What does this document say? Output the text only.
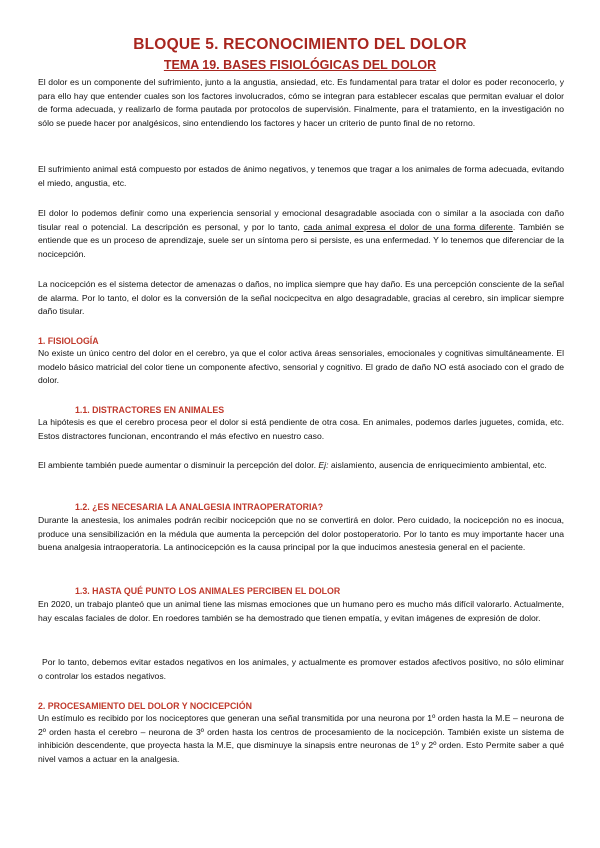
BLOQUE 5. RECONOCIMIENTO DEL DOLOR
TEMA 19. BASES FISIOLÓGICAS DEL DOLOR

El dolor es un componente del sufrimiento, junto a la angustia, ansiedad, etc. Es fundamental para tratar el dolor es poder reconocerlo, y para ello hay que entender cuales son los factores involucrados, cómo se integran para establecer escalas que permitan evaluar el dolor de forma adecuada, y realizarlo de forma pautada por protocolos de supervisión. Finalmente, para el tratamiento, en la investigación no sólo se puede hacer por analgésicos, sino entendiendo los factores y hacer un criterio de punto final de no retorno.

El sufrimiento animal está compuesto por estados de ánimo negativos, y tenemos que tragar a los animales de forma adecuada, evitando el miedo, angustia, etc.

El dolor lo podemos definir como una experiencia sensorial y emocional desagradable asociada con o similar a la asociada con daño tisular real o potencial. La descripción es personal, y por lo tanto, cada animal expresa el dolor de una forma diferente. También se entiende que es un proceso de aprendizaje, suele ser un síntoma pero si persiste, es una enfermedad. Y lo tenemos que diferenciar de la nocicepción.

La nocicepción es el sistema detector de amenazas o daños, no implica siempre que hay daño. Es una percepción consciente de la señal de alarma. Por lo tanto, el dolor es la conversión de la señal nocicpecitva en algo desagradable, gracias al cerebro, sin implicar siempre daño tisular.

1. FISIOLOGÍA

No existe un único centro del dolor en el cerebro, ya que el color activa áreas sensoriales, emocionales y cognitivas simultáneamente. El modelo básico matricial del color tiene un componente afectivo, sensorial y cognitivo. El grado de daño NO está asociado con el grado de dolor.

1.1. DISTRACTORES EN ANIMALES

La hipótesis es que el cerebro procesa peor el dolor si está pendiente de otra cosa. En animales, podemos darles juguetes, comida, etc. Estos distractores funcionan, encontrando el más efectivo en nuestro caso.

El ambiente también puede aumentar o disminuir la percepción del dolor. Ej: aislamiento, ausencia de enriquecimiento ambiental, etc.

1.2. ¿ES NECESARIA LA ANALGESIA INTRAOPERATORIA?

Durante la anestesia, los animales podrán recibir nocicepción que no se convertirá en dolor. Pero cuidado, la nocicepción no es inocua, produce una sensibilización en la médula que aumenta la percepción del dolor postoperatorio. Por lo tanto es muy importante hacer una buena analgesia intraoperatoria. La antinocicepción es la causa principal por la que inducimos anestesia general en el paciente.

1.3. HASTA QUÉ PUNTO LOS ANIMALES PERCIBEN EL DOLOR

En 2020, un trabajo planteó que un animal tiene las mismas emociones que un humano pero es mucho más difícil valorarlo. Actualmente, hay escalas faciales de dolor. En roedores también se ha demostrado que tienen empatía, y evitan imágenes de expresión de dolor.

Por lo tanto, debemos evitar estados negativos en los animales, y actualmente es promover estados afectivos positivo, no sólo eliminar o controlar los estados negativos.

2. PROCESAMIENTO DEL DOLOR Y NOCICEPCIÓN

Un estímulo es recibido por los nociceptores que generan una señal transmitida por una neurona por 1º orden hasta la M.E – neurona de 2º orden hasta el cerebro – neurona de 3º orden hasta los centros de procesamiento de la nocicepción. También existe un sistema de inhibición descendente, que proyecta hasta la M.E, que disminuye la sinapsis entre neuronas de 1º y 2º orden. Esto Permite saber a qué nivel vamos a actuar en la analgesia.
